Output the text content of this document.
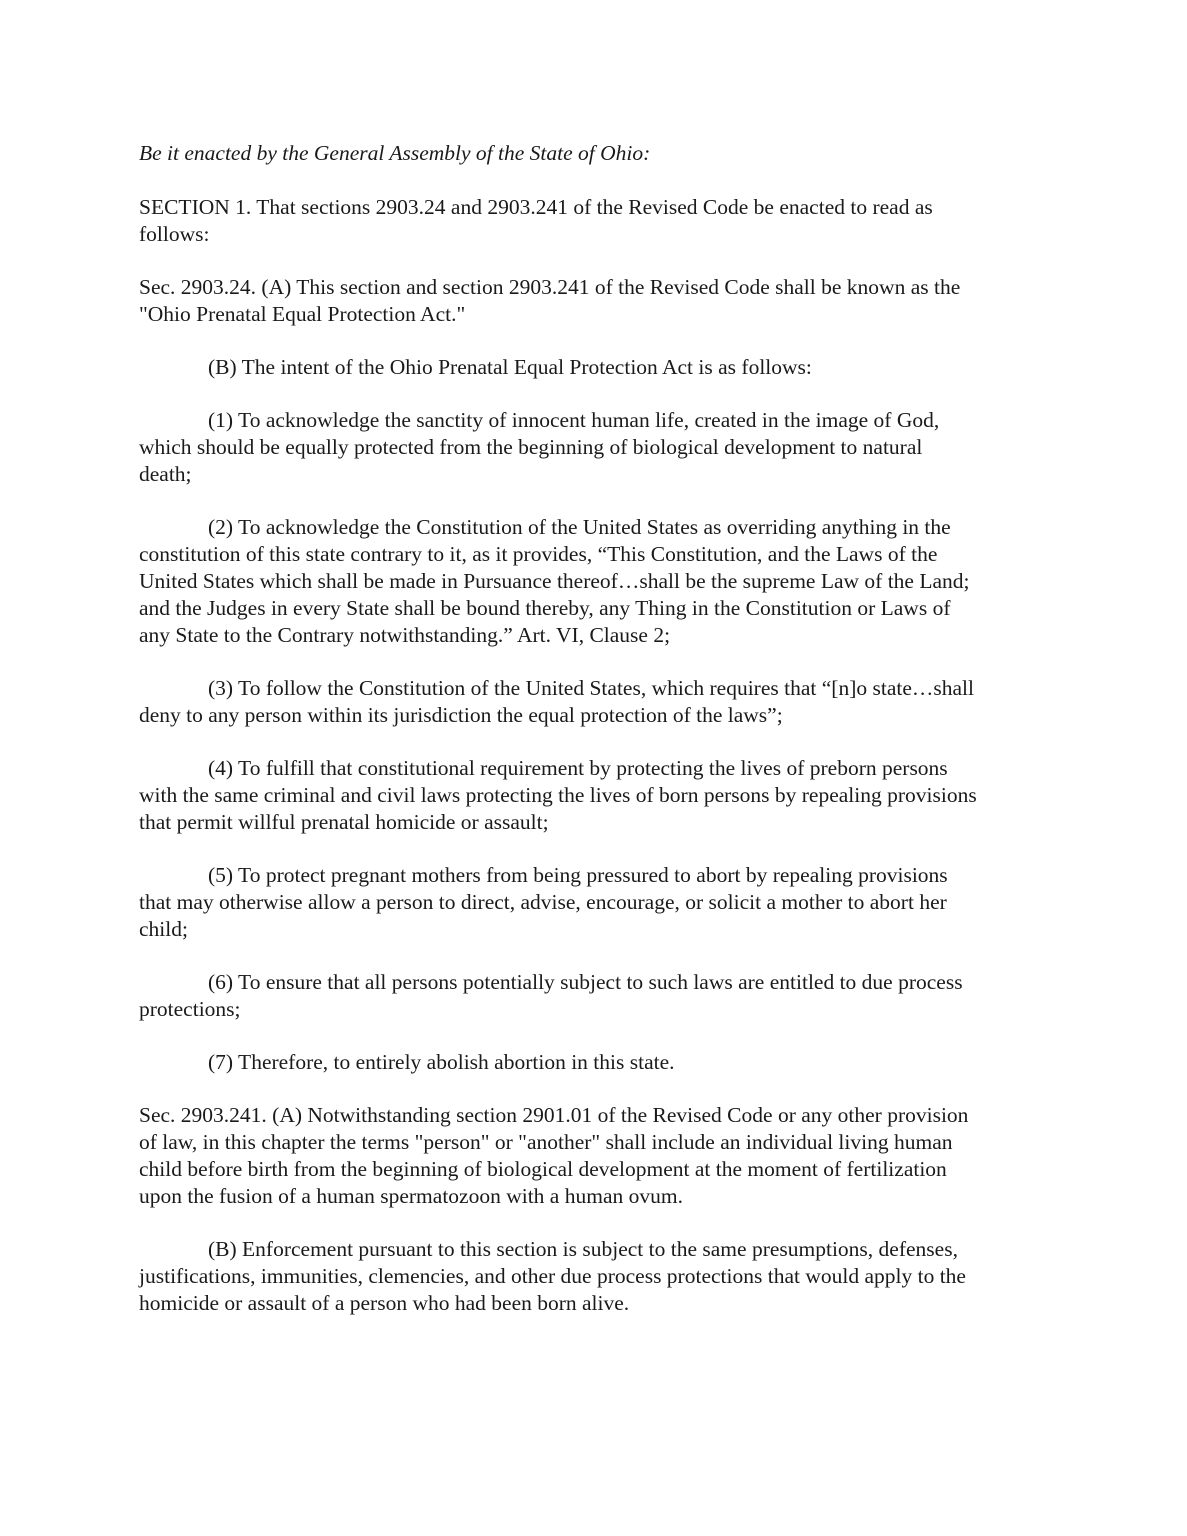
Be it enacted by the General Assembly of the State of Ohio:

SECTION 1. That sections 2903.24 and 2903.241 of the Revised Code be enacted to read as
follows:

Sec. 2903.24. (A) This section and section 2903.241 of the Revised Code shall be known as the
"Ohio Prenatal Equal Protection Act."

(B) The intent of the Ohio Prenatal Equal Protection Act is as follows:

(1) To acknowledge the sanctity of innocent human life, created in the image of God,
which should be equally protected from the beginning of biological development to natural
death;

(2) To acknowledge the Constitution of the United States as overriding anything in the
constitution of this state contrary to it, as it provides, “This Constitution, and the Laws of the
United States which shall be made in Pursuance thereof…shall be the supreme Law of the Land;
and the Judges in every State shall be bound thereby, any Thing in the Constitution or Laws of
any State to the Contrary notwithstanding.” Art. VI, Clause 2;

(3) To follow the Constitution of the United States, which requires that “[n]o state…shall
deny to any person within its jurisdiction the equal protection of the laws”;

(4) To fulfill that constitutional requirement by protecting the lives of preborn persons
with the same criminal and civil laws protecting the lives of born persons by repealing provisions
that permit willful prenatal homicide or assault;

(5) To protect pregnant mothers from being pressured to abort by repealing provisions
that may otherwise allow a person to direct, advise, encourage, or solicit a mother to abort her
child;

(6) To ensure that all persons potentially subject to such laws are entitled to due process
protections;

(7) Therefore, to entirely abolish abortion in this state.

Sec. 2903.241. (A) Notwithstanding section 2901.01 of the Revised Code or any other provision
of law, in this chapter the terms "person" or "another" shall include an individual living human
child before birth from the beginning of biological development at the moment of fertilization
upon the fusion of a human spermatozoon with a human ovum.

(B) Enforcement pursuant to this section is subject to the same presumptions, defenses,
justifications, immunities, clemencies, and other due process protections that would apply to the
homicide or assault of a person who had been born alive.
